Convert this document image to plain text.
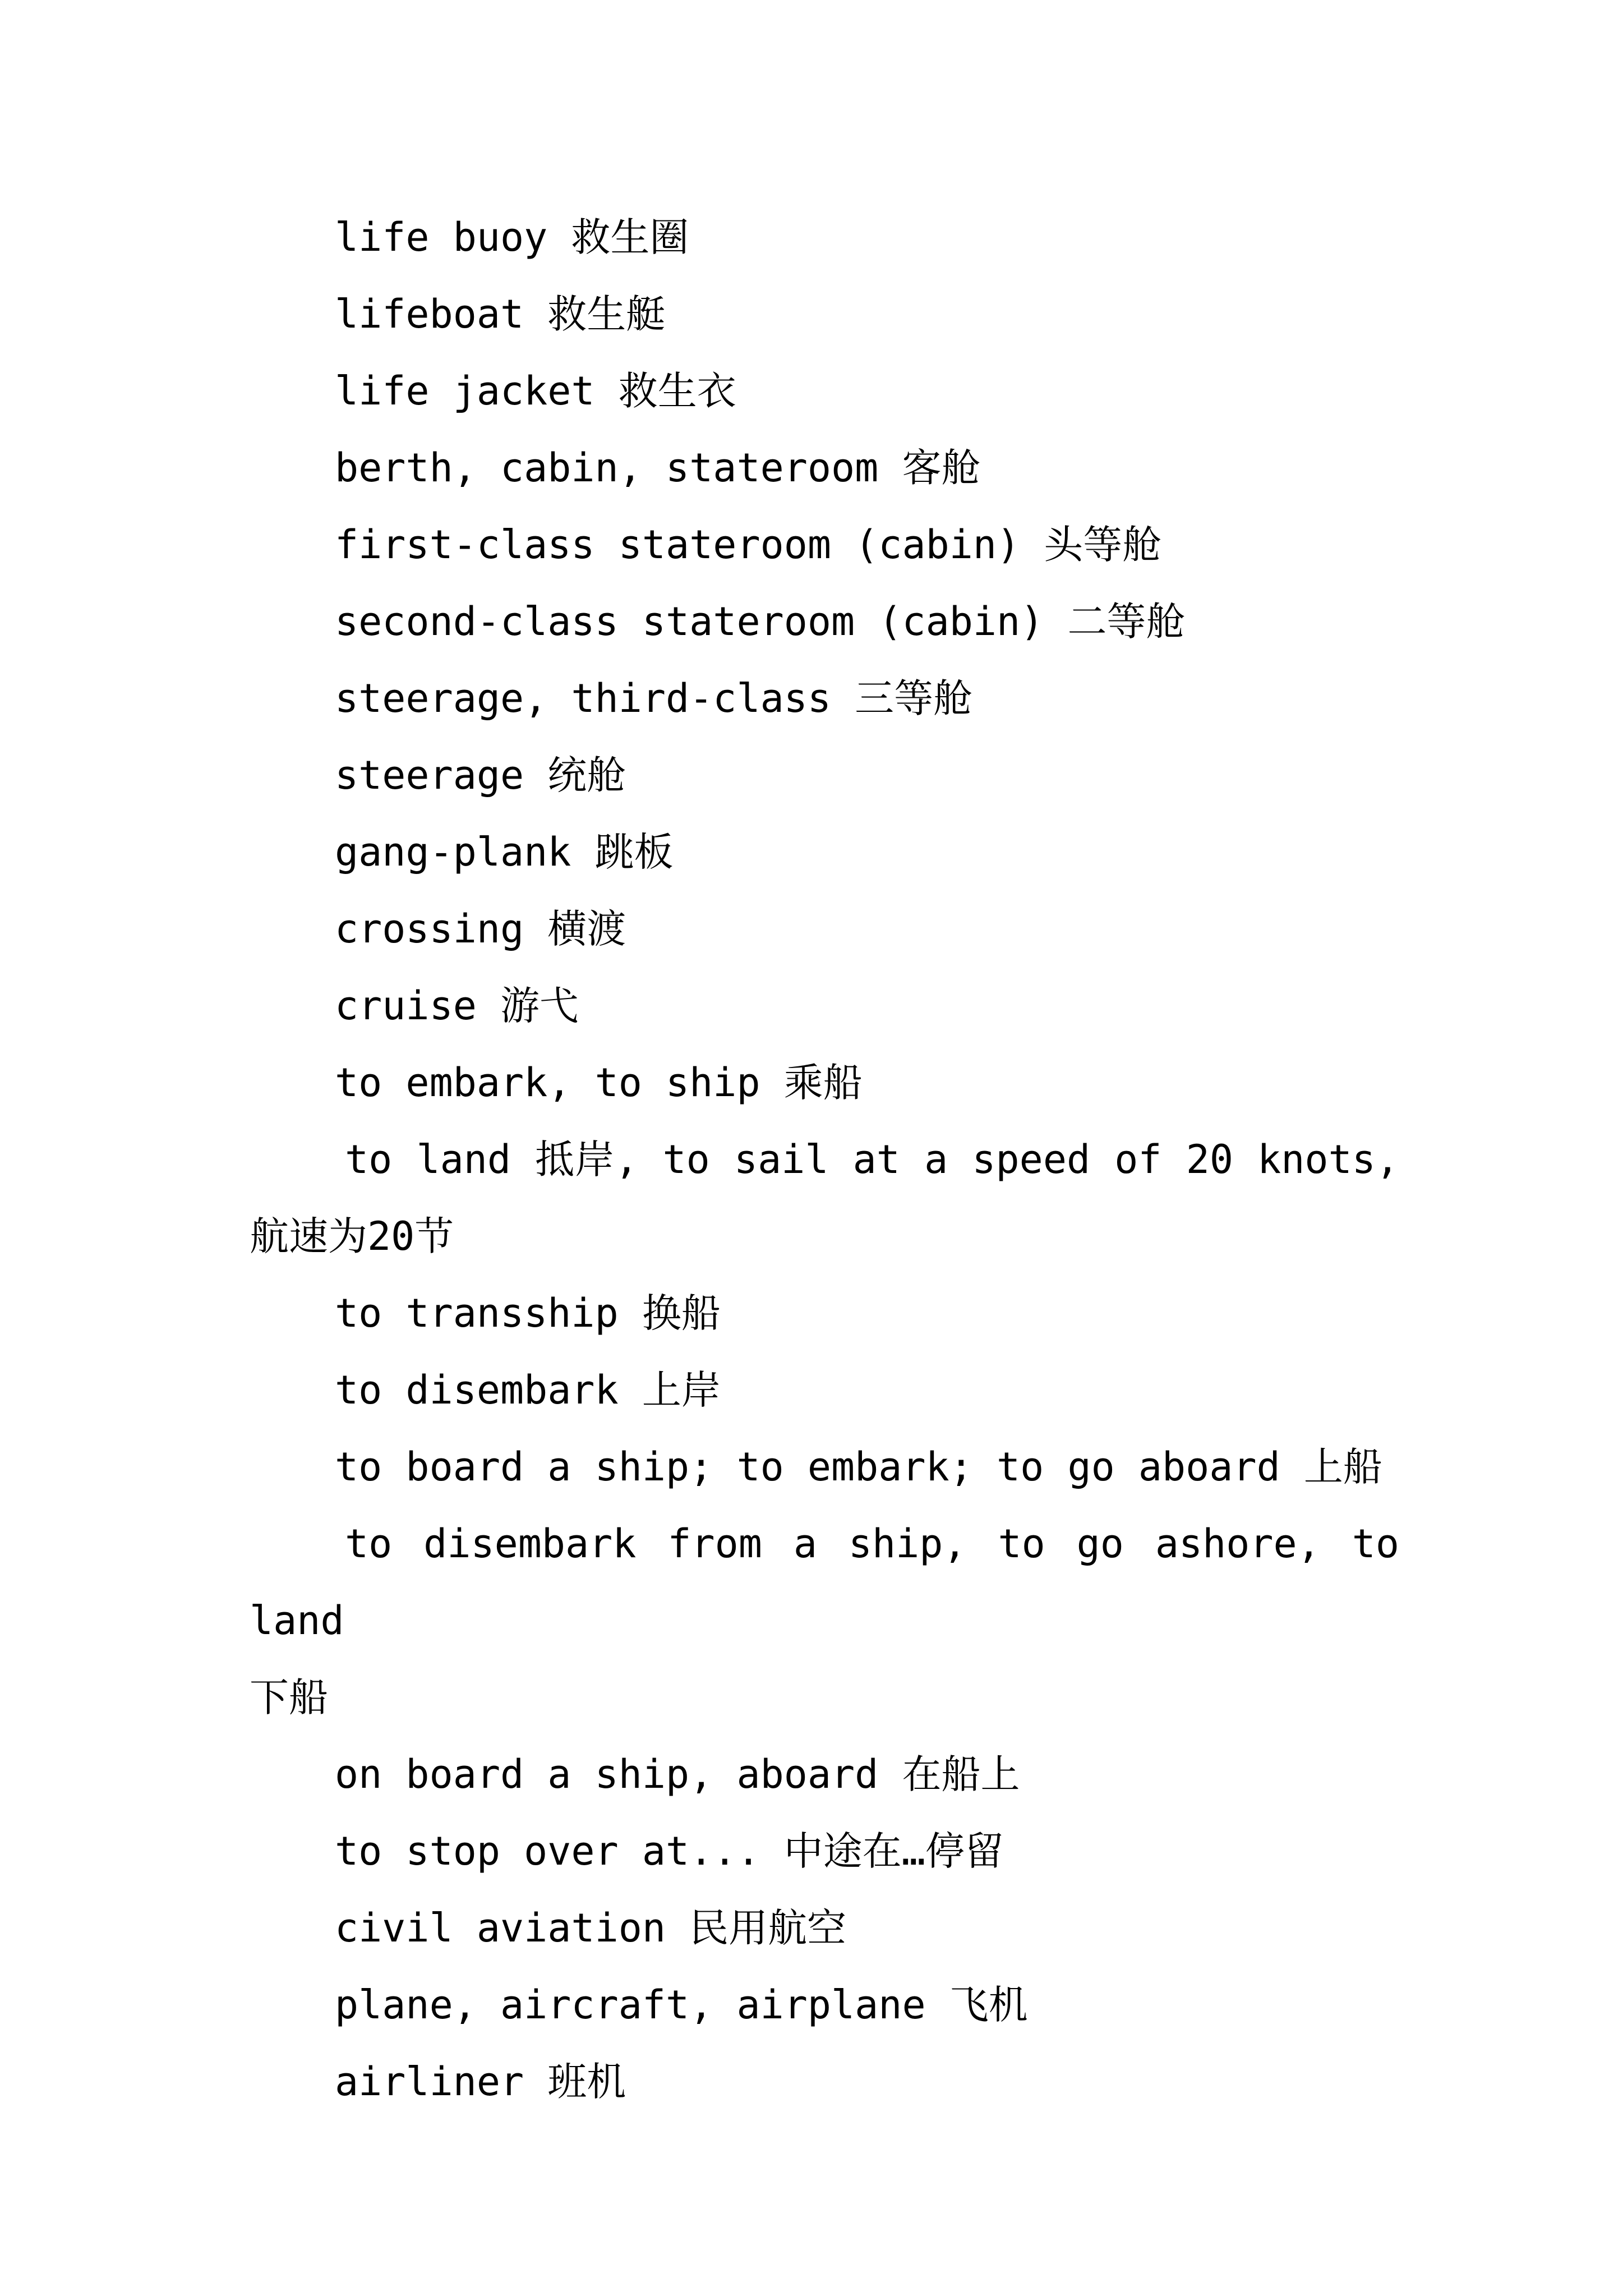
life buoy 救生圈
lifeboat 救生艇
life jacket 救生衣
berth, cabin, stateroom 客舱
first-class stateroom (cabin) 头等舱
second-class stateroom (cabin) 二等舱
steerage, third-class 三等舱
steerage 统舱
gang-plank 跳板
crossing 横渡
cruise 游弋
to embark, to ship 乘船
to land 抵岸, to sail at a speed of 20 knots,
航速为20节
to transship 换船
to disembark 上岸
to board a ship; to embark; to go aboard 上船
to disembark from a ship, to go ashore, to land
下船
on board a ship, aboard 在船上
to stop over at... 中途在…停留
civil aviation 民用航空
plane, aircraft, airplane 飞机
airliner 班机
